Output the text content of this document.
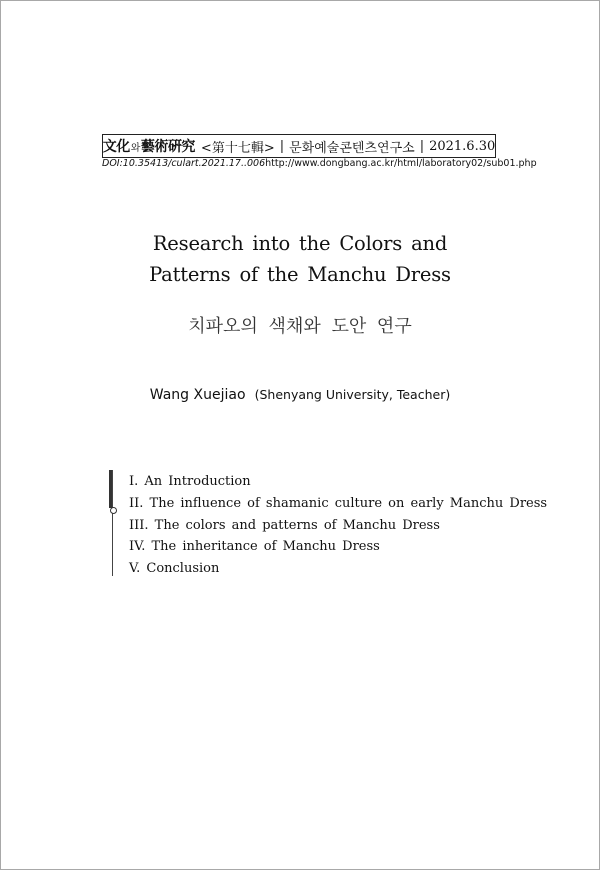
文化와藝術硏究 <第十七輯> | 문화예술콘텐츠연구소 | 2021.6.30
DOI:10.35413/culart.2021.17..006 http://www.dongbang.ac.kr/html/laboratory02/sub01.php
Research into the Colors and
Patterns of the Manchu Dress
치파오의 색채와 도안 연구
Wang Xuejiao (Shenyang University, Teacher)
I. An Introduction
II. The influence of shamanic culture on early Manchu Dress
III. The colors and patterns of Manchu Dress
IV. The inheritance of Manchu Dress
V. Conclusion
